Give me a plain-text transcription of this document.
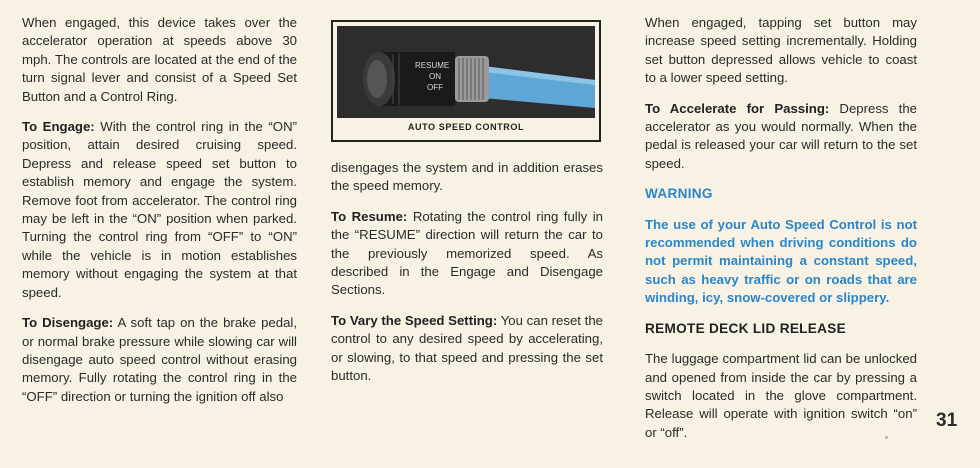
When engaged, this device takes over the accelerator operation at speeds above 30 mph. The controls are located at the end of the turn signal lever and consist of a Speed Set Button and a Control Ring.

To Engage: With the control ring in the “ON” position, attain desired cruising speed. Depress and release speed set button to establish memory and engage the system. Remove foot from accelerator. The control ring may be left in the “ON” position when parked. Turning the control ring from “OFF” to “ON” while the vehicle is in motion establishes memory without engaging the system at that speed.

To Disengage: A soft tap on the brake pedal, or normal brake pressure while slowing car will disengage auto speed control without erasing memory. Fully rotating the control ring in the “OFF” direction or turning the ignition off also

RESUME
ON
OFF
AUTO SPEED CONTROL

disengages the system and in addition erases the speed memory.

To Resume: Rotating the control ring fully in the “RESUME” direction will return the car to the previously memorized speed. As described in the Engage and Disengage Sections.

To Vary the Speed Setting: You can reset the control to any desired speed by accelerating, or slowing, to that speed and pressing the set button.

When engaged, tapping set button may increase speed setting incrementally. Holding set button depressed allows vehicle to coast to a lower speed setting.

To Accelerate for Passing: Depress the accelerator as you would normally. When the pedal is released your car will return to the set speed.

WARNING

The use of your Auto Speed Control is not recommended when driving conditions do not permit maintaining a constant speed, such as heavy traffic or on roads that are winding, icy, snow-covered or slippery.

REMOTE DECK LID RELEASE

The luggage compartment lid can be unlocked and opened from inside the car by pressing a switch located in the glove compartment. Release will operate with ignition switch “on” or “off”.

31
